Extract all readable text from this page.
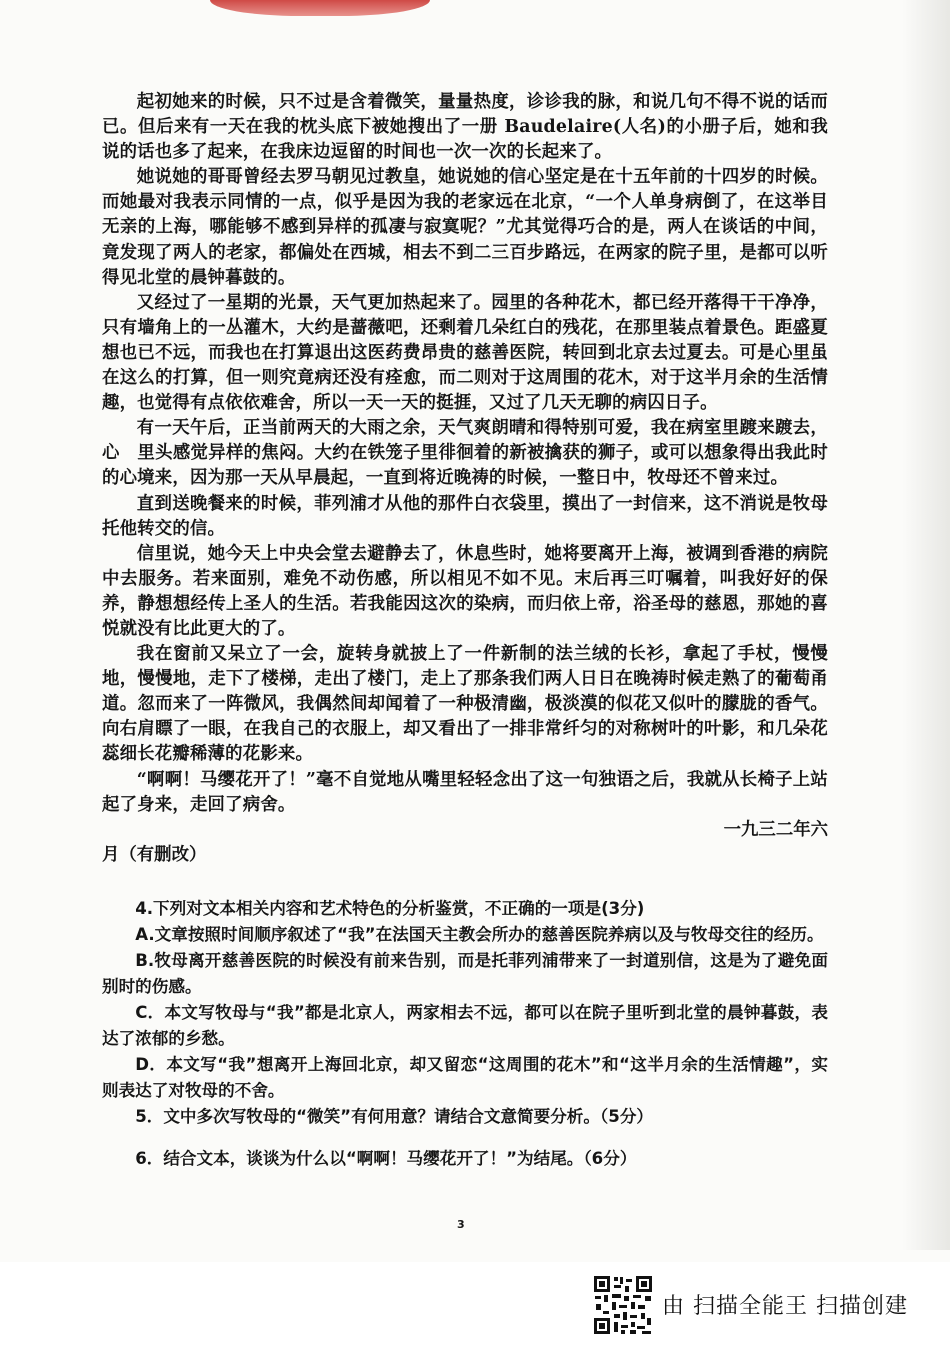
起初她来的时候，只不过是含着微笑，量量热度，诊诊我的脉，和说几句不得不说的话而已。但后来有一天在我的枕头底下被她搜出了一册 Baudelaire(人名)的小册子后，她和我说的话也多了起来，在我床边逗留的时间也一次一次的长起来了。

她说她的哥哥曾经去罗马朝见过教皇，她说她的信心坚定是在十五年前的十四岁的时候。而她最对我表示同情的一点，似乎是因为我的老家远在北京，“一个人单身病倒了，在这举目无亲的上海，哪能够不感到异样的孤凄与寂寞呢？”尤其觉得巧合的是，两人在谈话的中间，竟发现了两人的老家，都偏处在西城，相去不到二三百步路远，在两家的院子里，是都可以听得见北堂的晨钟暮鼓的。

又经过了一星期的光景，天气更加热起来了。园里的各种花木，都已经开落得干干净净，只有墙角上的一丛灌木，大约是蔷薇吧，还剩着几朵红白的残花，在那里装点着景色。距盛夏想也已不远，而我也在打算退出这医药费昂贵的慈善医院，转回到北京去过夏去。可是心里虽在这么的打算，但一则究竟病还没有痊愈，而二则对于这周围的花木，对于这半月余的生活情趣，也觉得有点依依难舍，所以一天一天的挺捱，又过了几天无聊的病囚日子。

有一天午后，正当前两天的大雨之余，天气爽朗晴和得特别可爱，我在病室里踱来踱去，心　里头感觉异样的焦闷。大约在铁笼子里徘徊着的新被擒获的狮子，或可以想象得出我此时的心境来，因为那一天从早晨起，一直到将近晚祷的时候，一整日中，牧母还不曾来过。

直到送晚餐来的时候，菲列浦才从他的那件白衣袋里，摸出了一封信来，这不消说是牧母托他转交的信。

信里说，她今天上中央会堂去避静去了，休息些时，她将要离开上海，被调到香港的病院中去服务。若来面别，难免不动伤感，所以相见不如不见。末后再三叮嘱着，叫我好好的保养，静想想经传上圣人的生活。若我能因这次的染病，而归依上帝，浴圣母的慈恩，那她的喜悦就没有比此更大的了。

我在窗前又呆立了一会，旋转身就披上了一件新制的法兰绒的长衫，拿起了手杖，慢慢地，慢慢地，走下了楼梯，走出了楼门，走上了那条我们两人日日在晚祷时候走熟了的葡萄甬道。忽而来了一阵微风，我偶然间却闻着了一种极清幽，极淡漠的似花又似叶的朦胧的香气。向右肩瞟了一眼，在我自己的衣服上，却又看出了一排非常纤匀的对称树叶的叶影，和几朵花蕊细长花瓣稀薄的花影来。

“啊啊！马缨花开了！”毫不自觉地从嘴里轻轻念出了这一句独语之后，我就从长椅子上站起了身来，走回了病舍。

一九三二年六

月（有删改）

4.下列对文本相关内容和艺术特色的分析鉴赏，不正确的一项是(3分)

A.文章按照时间顺序叙述了“我”在法国天主教会所办的慈善医院养病以及与牧母交往的经历。

B.牧母离开慈善医院的时候没有前来告别，而是托菲列浦带来了一封道别信，这是为了避免面别时的伤感。

C．本文写牧母与“我”都是北京人，两家相去不远，都可以在院子里听到北堂的晨钟暮鼓，表达了浓郁的乡愁。

D．本文写“我”想离开上海回北京，却又留恋“这周围的花木”和“这半月余的生活情趣”，实则表达了对牧母的不舍。

5．文中多次写牧母的“微笑”有何用意？请结合文意简要分析。（5分）

6．结合文本，谈谈为什么以“啊啊！马缨花开了！”为结尾。（6分）

3
由 扫描全能王 扫描创建
